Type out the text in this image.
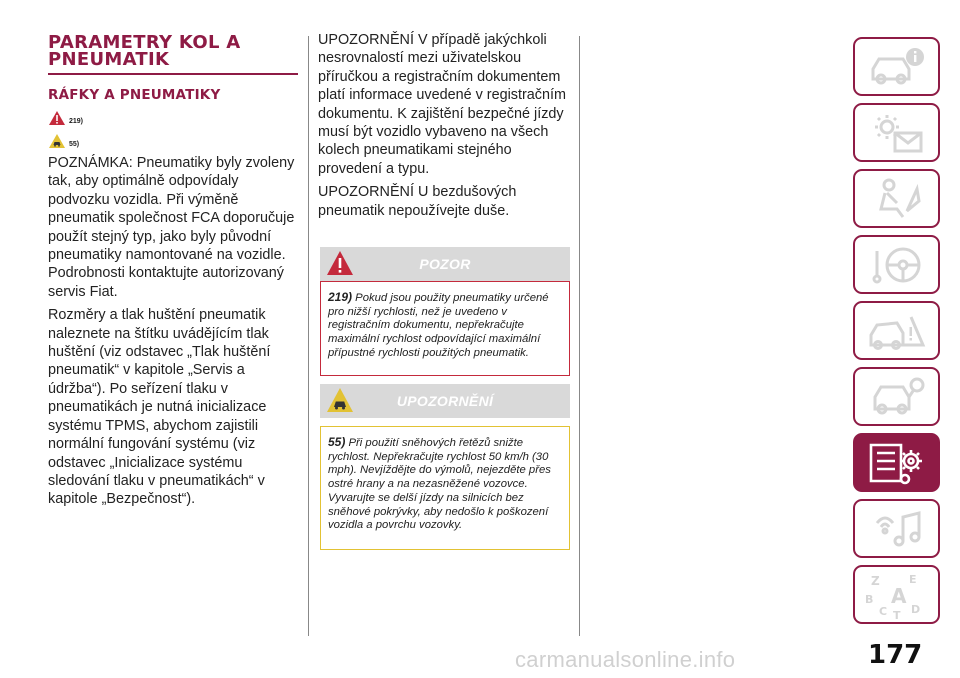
PARAMETRY KOL A PNEUMATIK
RÁFKY A PNEUMATIKY
219)
55)

POZNÁMKA: Pneumatiky byly zvoleny tak, aby optimálně odpovídaly podvozku vozidla. Při výměně pneumatik společnost FCA doporučuje použít stejný typ, jako byly původní pneumatiky namontované na vozidle. Podrobnosti kontaktujte autorizovaný servis Fiat.

Rozměry a tlak huštění pneumatik naleznete na štítku uvádějícím tlak huštění (viz odstavec „Tlak huštění pneumatik“ v kapitole „Servis a údržba“). Po seřízení tlaku v pneumatikách je nutná inicializace systému TPMS, abychom zajistili normální fungování systému (viz odstavec „Inicializace systému sledování tlaku v pneumatikách“ v kapitole „Bezpečnost“).

UPOZORNĚNÍ V případě jakýchkoli nesrovnalostí mezi uživatelskou příručkou a registračním dokumentem platí informace uvedené v registračním dokumentu. K zajištění bezpečné jízdy musí být vozidlo vybaveno na všech kolech pneumatikami stejného provedení a typu.

UPOZORNĚNÍ U bezdušových pneumatik nepoužívejte duše.

POZOR
219) Pokud jsou použity pneumatiky určené pro nižší rychlosti, než je uvedeno v registračním dokumentu, nepřekračujte maximální rychlost odpovídající maximální přípustné rychlosti použitých pneumatik.
UPOZORNĚNÍ
55) Při použití sněhových řetězů snižte rychlost. Nepřekračujte rychlost 50 km/h (30 mph). Nevjíždějte do výmolů, nejezděte přes ostré hrany a na nezasněžené vozovce. Vyvarujte se delší jízdy na silnicích bez sněhové pokrývky, aby nedošlo k poškození vozidla a povrchu vozovky.
Z	E
B A
C T D
carmanualsonline.info	177
